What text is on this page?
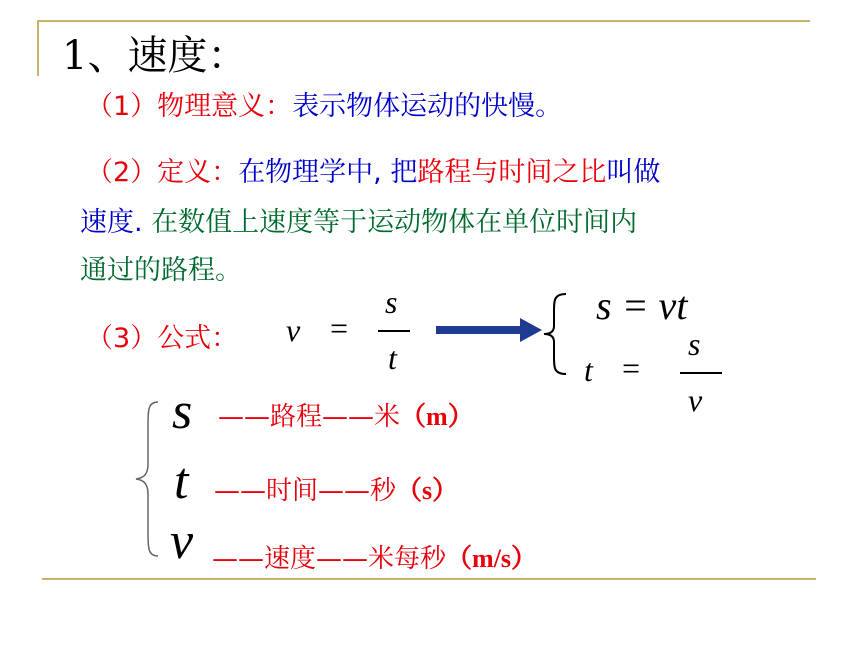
1、速度：
（1）物理意义：表示物体运动的快慢。
（2）定义：在物理学中, 把路程与时间之比叫做
速度. 在数值上速度等于运动物体在单位时间内
通过的路程。
（3）公式： v =
s
t
s = vt
t =
s
v
s ——路程——米（m）
t ——时间——秒（s）
v ——速度——米每秒（m/s）
